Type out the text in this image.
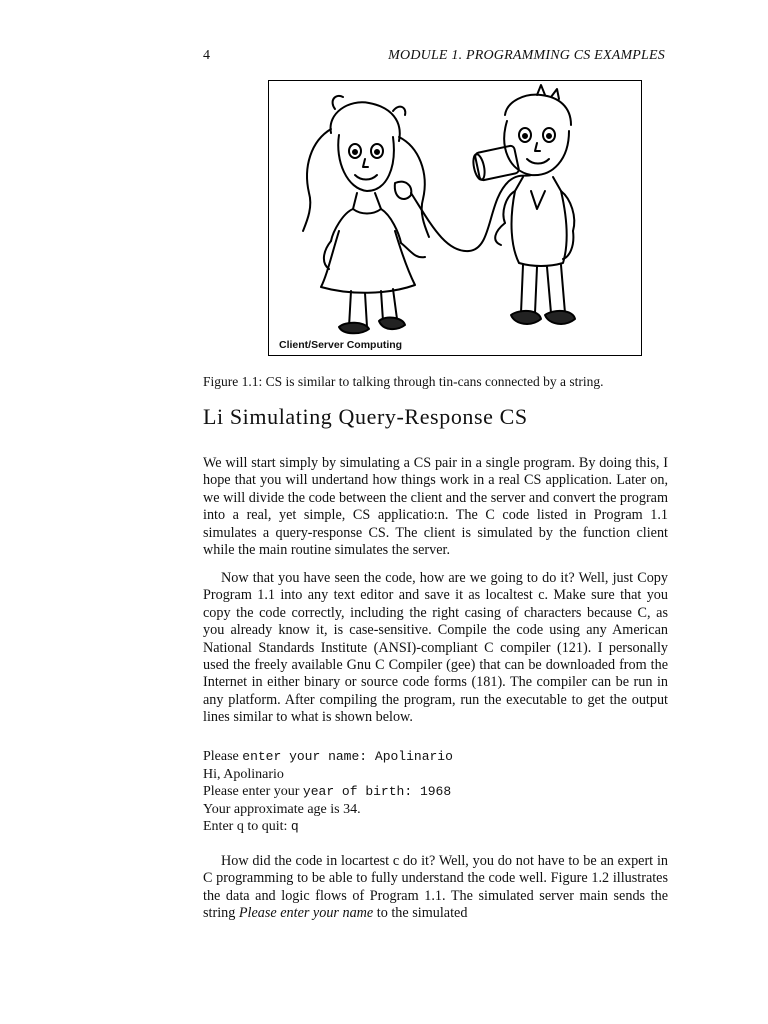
4	MODULE 1. PROGRAMMING CS EXAMPLES
Client/Server Computing
Figure 1.1: CS is similar to talking through tin-cans connected by a string.
Li Simulating Query-Response CS

We will start simply by simulating a CS pair in a single program. By doing this, I hope that you will undertand how things work in a real CS application. Later on, we will divide the code between the client and the server and convert the program into a real, yet simple, CS applicatio:n. The C code listed in Program 1.1 simulates a query-response CS. The client is simulated by the function client while the main routine simulates the server.

Now that you have seen the code, how are we going to do it? Well, just Copy Program 1.1 into any text editor and save it as localtest c. Make sure that you copy the code correctly, including the right casing of characters because C, as you already know it, is case-sensitive. Compile the code using any American National Standards Institute (ANSI)-compliant C compiler (121). I personally used the freely available Gnu C Compiler (gee) that can be downloaded from the Internet in either binary or source code forms (181). The compiler can be run in any platform. After compiling the program, run the executable to get the output lines similar to what is shown below.

Please enter your name: Apolinario
Hi, Apolinario
Please enter your year of birth: 1968
Your approximate age is 34.
Enter q to quit: q

How did the code in locartest c do it? Well, you do not have to be an expert in C programming to be able to fully understand the code well. Figure 1.2 illustrates the data and logic flows of Program 1.1. The simulated server main sends the string Please enter your name to the simulated
